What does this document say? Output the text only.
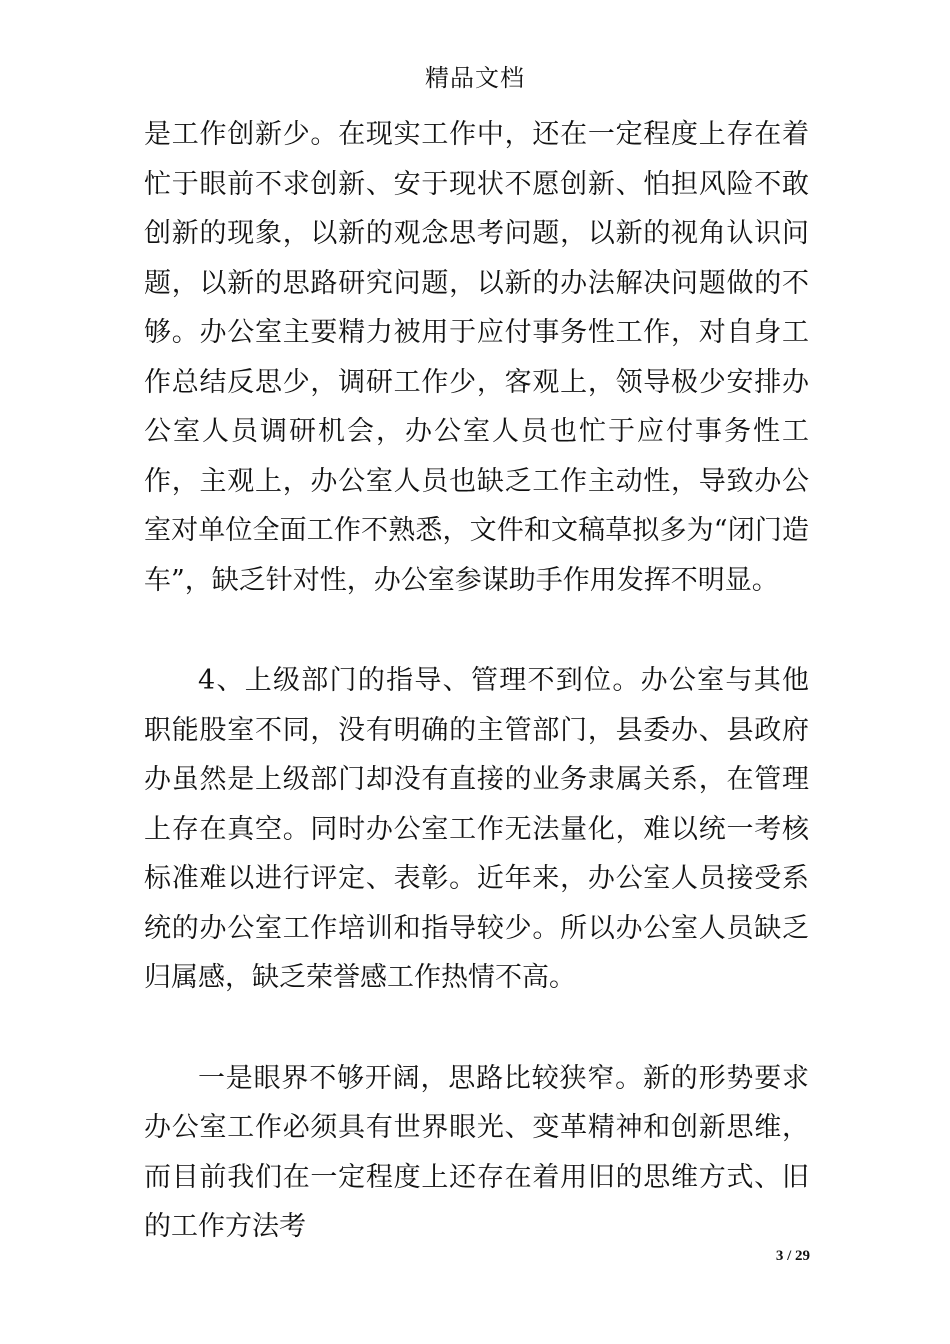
精品文档

是工作创新少。在现实工作中，还在一定程度上存在着忙于眼前不求创新、安于现状不愿创新、怕担风险不敢创新的现象，以新的观念思考问题，以新的视角认识问题，以新的思路研究问题，以新的办法解决问题做的不够。办公室主要精力被用于应付事务性工作，对自身工作总结反思少，调研工作少，客观上，领导极少安排办公室人员调研机会，办公室人员也忙于应付事务性工作，主观上，办公室人员也缺乏工作主动性，导致办公室对单位全面工作不熟悉，文件和文稿草拟多为“闭门造车”，缺乏针对性，办公室参谋助手作用发挥不明显。

4、上级部门的指导、管理不到位。办公室与其他职能股室不同，没有明确的主管部门，县委办、县政府办虽然是上级部门却没有直接的业务隶属关系，在管理上存在真空。同时办公室工作无法量化，难以统一考核标准难以进行评定、表彰。近年来，办公室人员接受系统的办公室工作培训和指导较少。所以办公室人员缺乏归属感，缺乏荣誉感工作热情不高。

一是眼界不够开阔，思路比较狭窄。新的形势要求办公室工作必须具有世界眼光、变革精神和创新思维，而目前我们在一定程度上还存在着用旧的思维方式、旧的工作方法考

3 / 29
